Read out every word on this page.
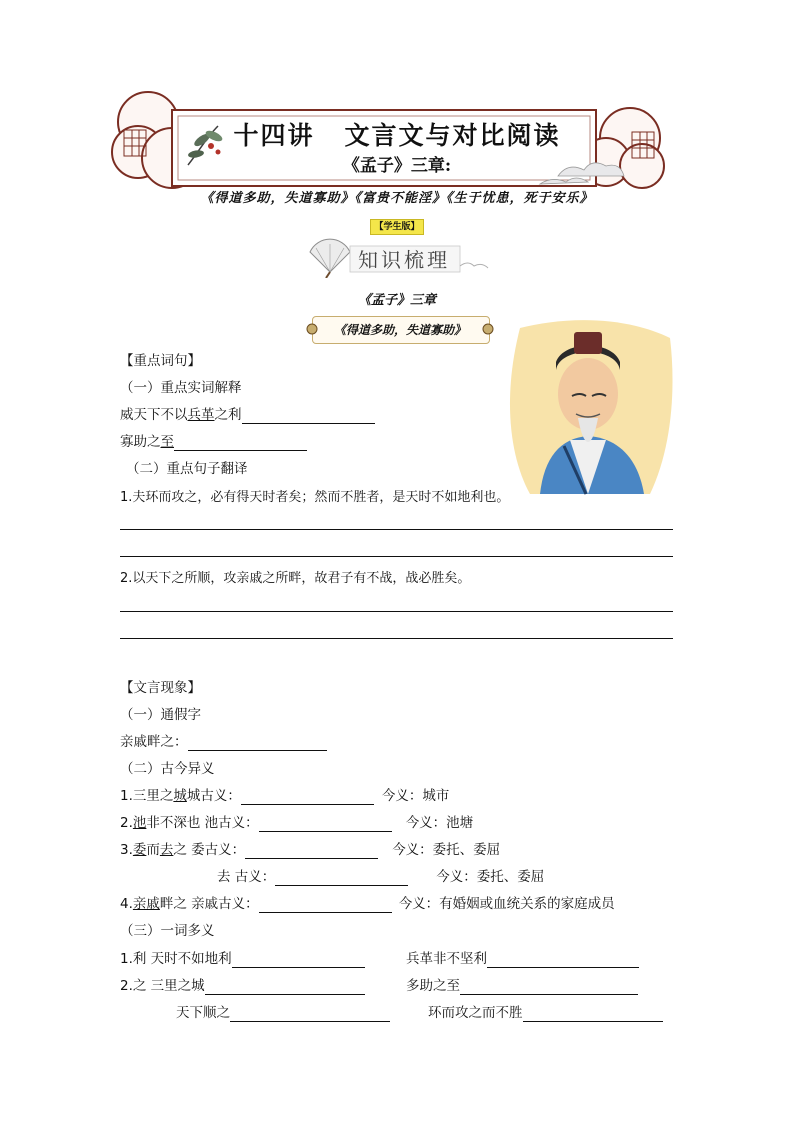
十四讲 文言文与对比阅读
《孟子》三章:
《得道多助，失道寡助》《富贵不能淫》《生于忧患，死于安乐》
【学生版】
知识梳理
《孟子》三章
《得道多助，失道寡助》
【重点词句】
（一）重点实词解释
威天下不以兵革之利
寡助之至
（二）重点句子翻译
1.夫环而攻之，必有得天时者矣；然而不胜者，是天时不如地利也。
2.以天下之所顺，攻亲戚之所畔，故君子有不战，战必胜矣。
【文言现象】
（一）通假字
亲戚畔之：
（二）古今异义
1.三里之城城古义：	今义：城市
2.池非不深也 池古义：	今义：池塘
3.委而去之 委古义：	今义：委托、委屈
去 古义：	今义：委托、委屈
4.亲戚畔之 亲戚古义：	今义：有婚姻或血统关系的家庭成员
（三）一词多义
1.利 天时不如地利	兵革非不坚利
2.之 三里之城	多助之至
天下顺之	环而攻之而不胜
